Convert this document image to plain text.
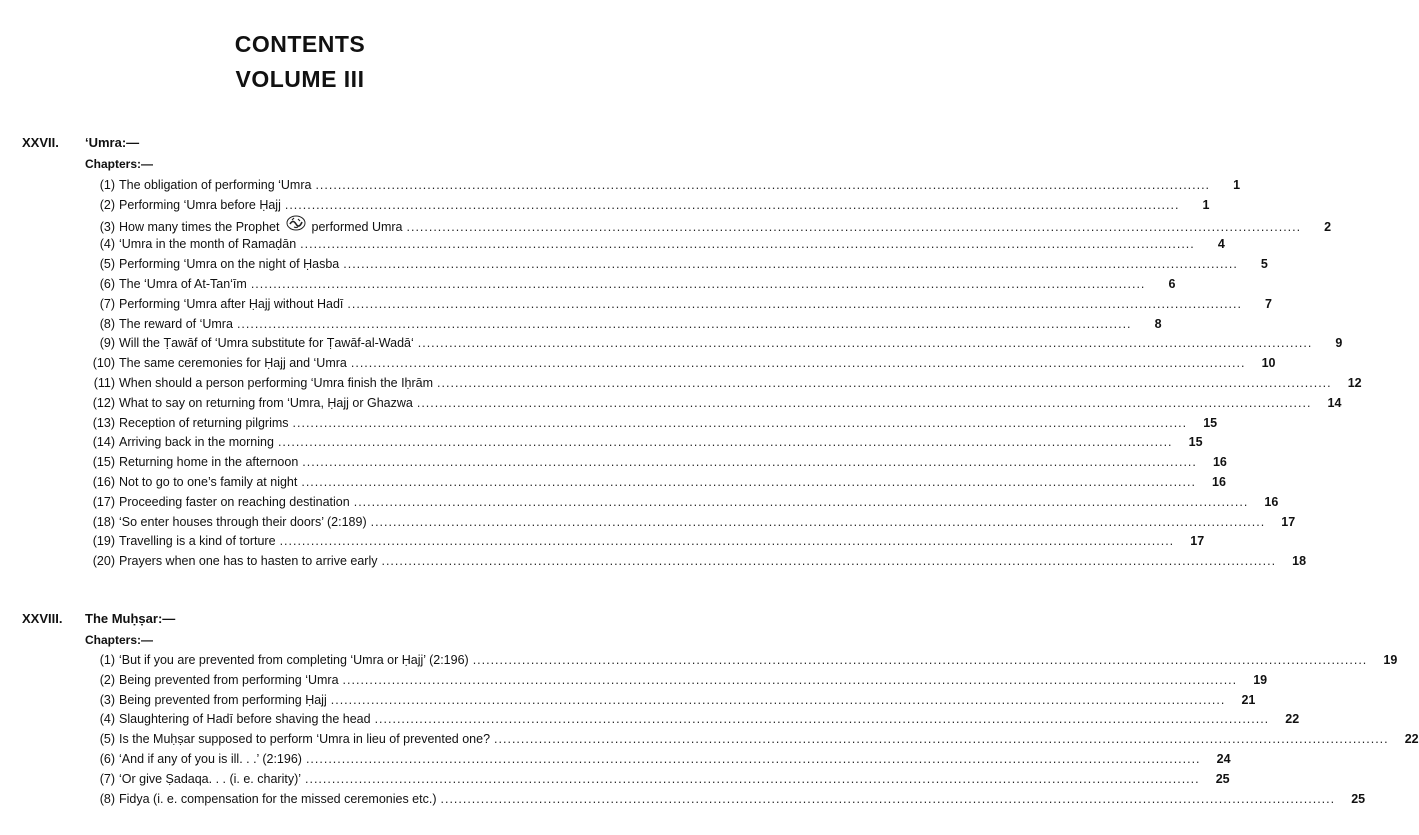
CONTENTS
VOLUME III
XXVII. ‘Umra:—
Chapters:—
(1) The obligation of performing ‘Umra ........................................................................................................................................................................................................	1
(2) Performing ‘Umra before Ḥajj ........................................................................................................................................................................................................	1
(3) How many times the Prophet	performed Umra ........................................................................................................................................................................................................	2
(4) ‘Umra in the month of Ramaḍān ........................................................................................................................................................................................................	4
(5) Performing ‘Umra on the night of Ḥasba ........................................................................................................................................................................................................	5
(6) The ‘Umra of At-Tan‘īm ........................................................................................................................................................................................................	6
(7) Performing ‘Umra after Ḥajj without Hadī ........................................................................................................................................................................................................	7
(8) The reward of ‘Umra ........................................................................................................................................................................................................	8
(9) Will the Ṭawāf of ‘Umra substitute for Ṭawāf-al-Wadā‘ ........................................................................................................................................................................................................	9
(10) The same ceremonies for Ḥajj and ‘Umra ........................................................................................................................................................................................................	10
(11) When should a person performing ‘Umra finish the Iḥrām ........................................................................................................................................................................................................	12
(12) What to say on returning from ‘Umra, Ḥajj or Ghazwa ........................................................................................................................................................................................................	14
(13) Reception of returning pilgrims ........................................................................................................................................................................................................	15
(14) Arriving back in the morning ........................................................................................................................................................................................................	15
(15) Returning home in the afternoon ........................................................................................................................................................................................................	16
(16) Not to go to one’s family at night ........................................................................................................................................................................................................	16
(17) Proceeding faster on reaching destination ........................................................................................................................................................................................................	16
(18) ‘So enter houses through their doors’ (2:189) ........................................................................................................................................................................................................	17
(19) Travelling is a kind of torture ........................................................................................................................................................................................................	17
(20) Prayers when one has to hasten to arrive early ........................................................................................................................................................................................................	18
XXVIII. The Muḥṣar:—
Chapters:—
(1) ‘But if you are prevented from completing ‘Umra or Ḥajj’ (2:196) ........................................................................................................................................................................................................	19
(2) Being prevented from performing ‘Umra ........................................................................................................................................................................................................	19
(3) Being prevented from performing Ḥajj ........................................................................................................................................................................................................	21
(4) Slaughtering of Hadī before shaving the head ........................................................................................................................................................................................................	22
(5) Is the Muḥṣar supposed to perform ‘Umra in lieu of prevented one? ........................................................................................................................................................................................................	22
(6) ‘And if any of you is ill. . .’ (2:196) ........................................................................................................................................................................................................	24
(7) ‘Or give Ṣadaqa. . . (i. e. charity)’ ........................................................................................................................................................................................................	25
(8) Fidya (i. e. compensation for the missed ceremonies etc.) ........................................................................................................................................................................................................	25
